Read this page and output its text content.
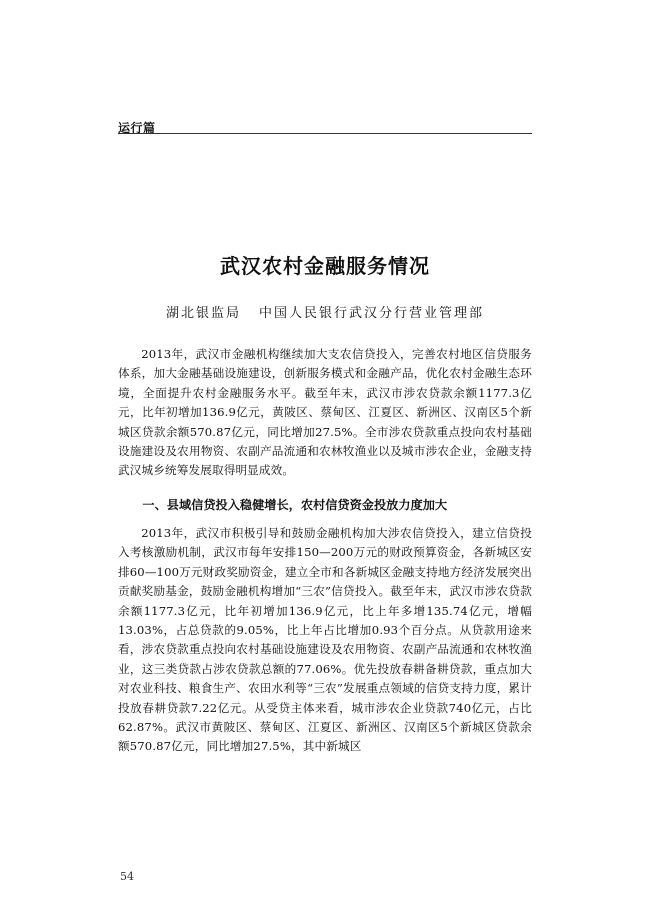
运行篇
武汉农村金融服务情况
湖北银监局 中国人民银行武汉分行营业管理部

2013年，武汉市金融机构继续加大支农信贷投入，完善农村地区信贷服务体系，加大金融基础设施建设，创新服务模式和金融产品，优化农村金融生态环境，全面提升农村金融服务水平。截至年末，武汉市涉农贷款余额1177.3亿元，比年初增加136.9亿元，黄陂区、蔡甸区、江夏区、新洲区、汉南区5个新城区贷款余额570.87亿元，同比增加27.5%。全市涉农贷款重点投向农村基础设施建设及农用物资、农副产品流通和农林牧渔业以及城市涉农企业，金融支持武汉城乡统筹发展取得明显成效。

一、县域信贷投入稳健增长，农村信贷资金投放力度加大

2013年，武汉市积极引导和鼓励金融机构加大涉农信贷投入，建立信贷投入考核激励机制，武汉市每年安排150—200万元的财政预算资金，各新城区安排60—100万元财政奖励资金，建立全市和各新城区金融支持地方经济发展突出贡献奖励基金，鼓励金融机构增加“三农”信贷投入。截至年末，武汉市涉农贷款余额1177.3亿元，比年初增加136.9亿元，比上年多增135.74亿元，增幅13.03%，占总贷款的9.05%，比上年占比增加0.93个百分点。从贷款用途来看，涉农贷款重点投向农村基础设施建设及农用物资、农副产品流通和农林牧渔业，这三类贷款占涉农贷款总额的77.06%。优先投放春耕备耕贷款，重点加大对农业科技、粮食生产、农田水利等“三农”发展重点领域的信贷支持力度，累计投放春耕贷款7.22亿元。从受贷主体来看，城市涉农企业贷款740亿元，占比62.87%。武汉市黄陂区、蔡甸区、江夏区、新洲区、汉南区5个新城区贷款余额570.87亿元，同比增加27.5%，其中新城区

54
